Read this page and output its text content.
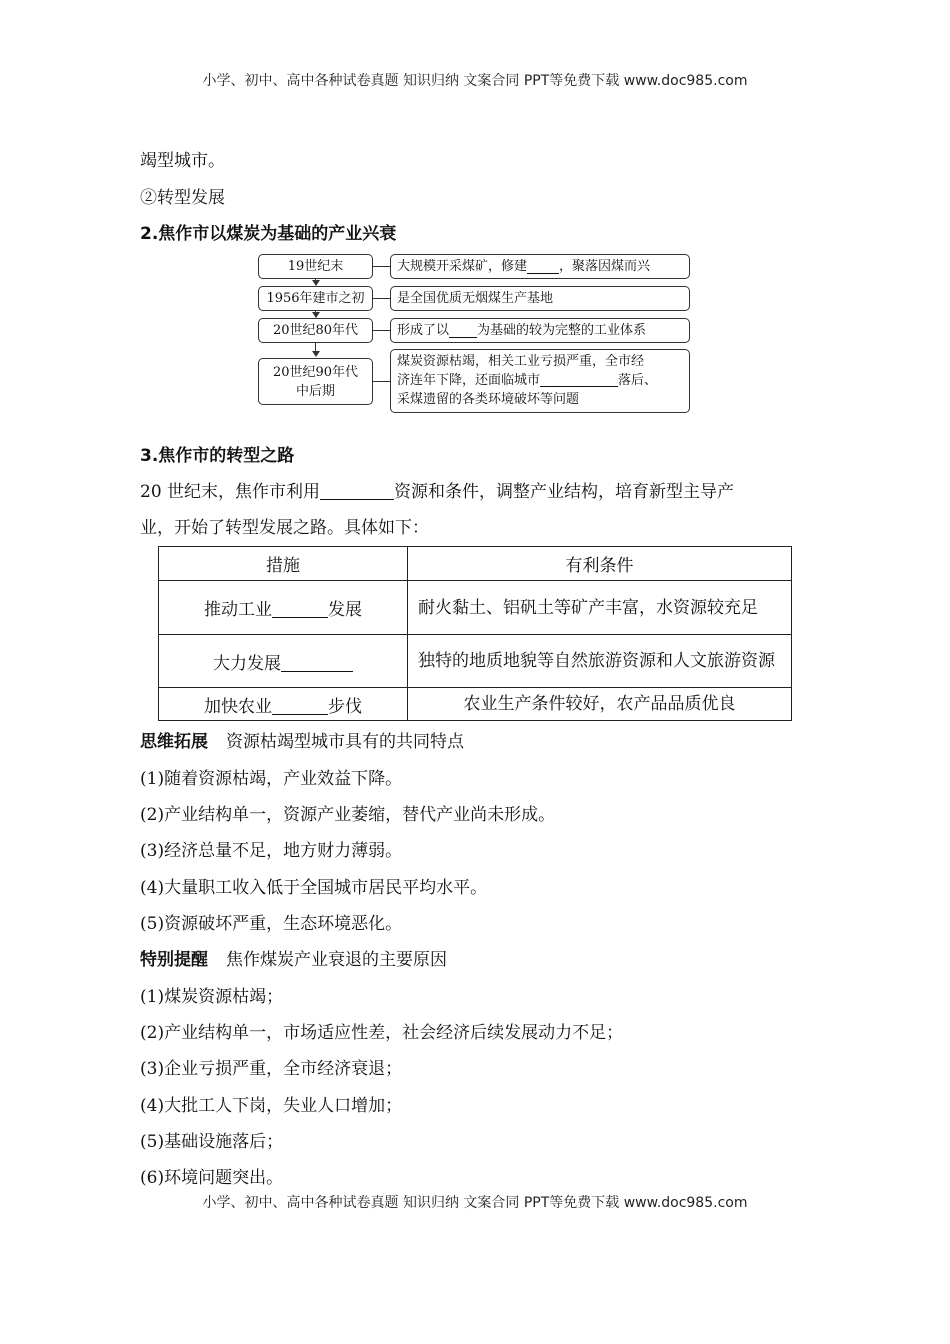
小学、初中、高中各种试卷真题 知识归纳 文案合同 PPT等免费下载 www.doc985.com
竭型城市。
②转型发展
2.焦作市以煤炭为基础的产业兴衰
19世纪末
1956年建市之初
20世纪80年代
20世纪90年代
中后期
大规模开采煤矿，修建 ，聚落因煤而兴
是全国优质无烟煤生产基地
形成了以 为基础的较为完整的工业体系
煤炭资源枯竭，相关工业亏损严重，全市经
济连年下降，还面临城市	落后、
采煤遗留的各类环境破坏等问题
3.焦作市的转型之路
20 世纪末，焦作市利用	资源和条件，调整产业结构，培育新型主导产
业，开始了转型发展之路。具体如下：
措施	有利条件
推动工业 发展	耐火黏土、铝矾土等矿产丰富，水资源较充足
大力发展	独特的地质地貌等自然旅游资源和人文旅游资源
加快农业 步伐	农业生产条件较好，农产品品质优良
思维拓展 资源枯竭型城市具有的共同特点
(1)随着资源枯竭，产业效益下降。
(2)产业结构单一，资源产业萎缩，替代产业尚未形成。
(3)经济总量不足，地方财力薄弱。
(4)大量职工收入低于全国城市居民平均水平。
(5)资源破坏严重，生态环境恶化。
特别提醒 焦作煤炭产业衰退的主要原因
(1)煤炭资源枯竭；
(2)产业结构单一，市场适应性差，社会经济后续发展动力不足；
(3)企业亏损严重，全市经济衰退；
(4)大批工人下岗，失业人口增加；
(5)基础设施落后；
(6)环境问题突出。
小学、初中、高中各种试卷真题 知识归纳 文案合同 PPT等免费下载 www.doc985.com
